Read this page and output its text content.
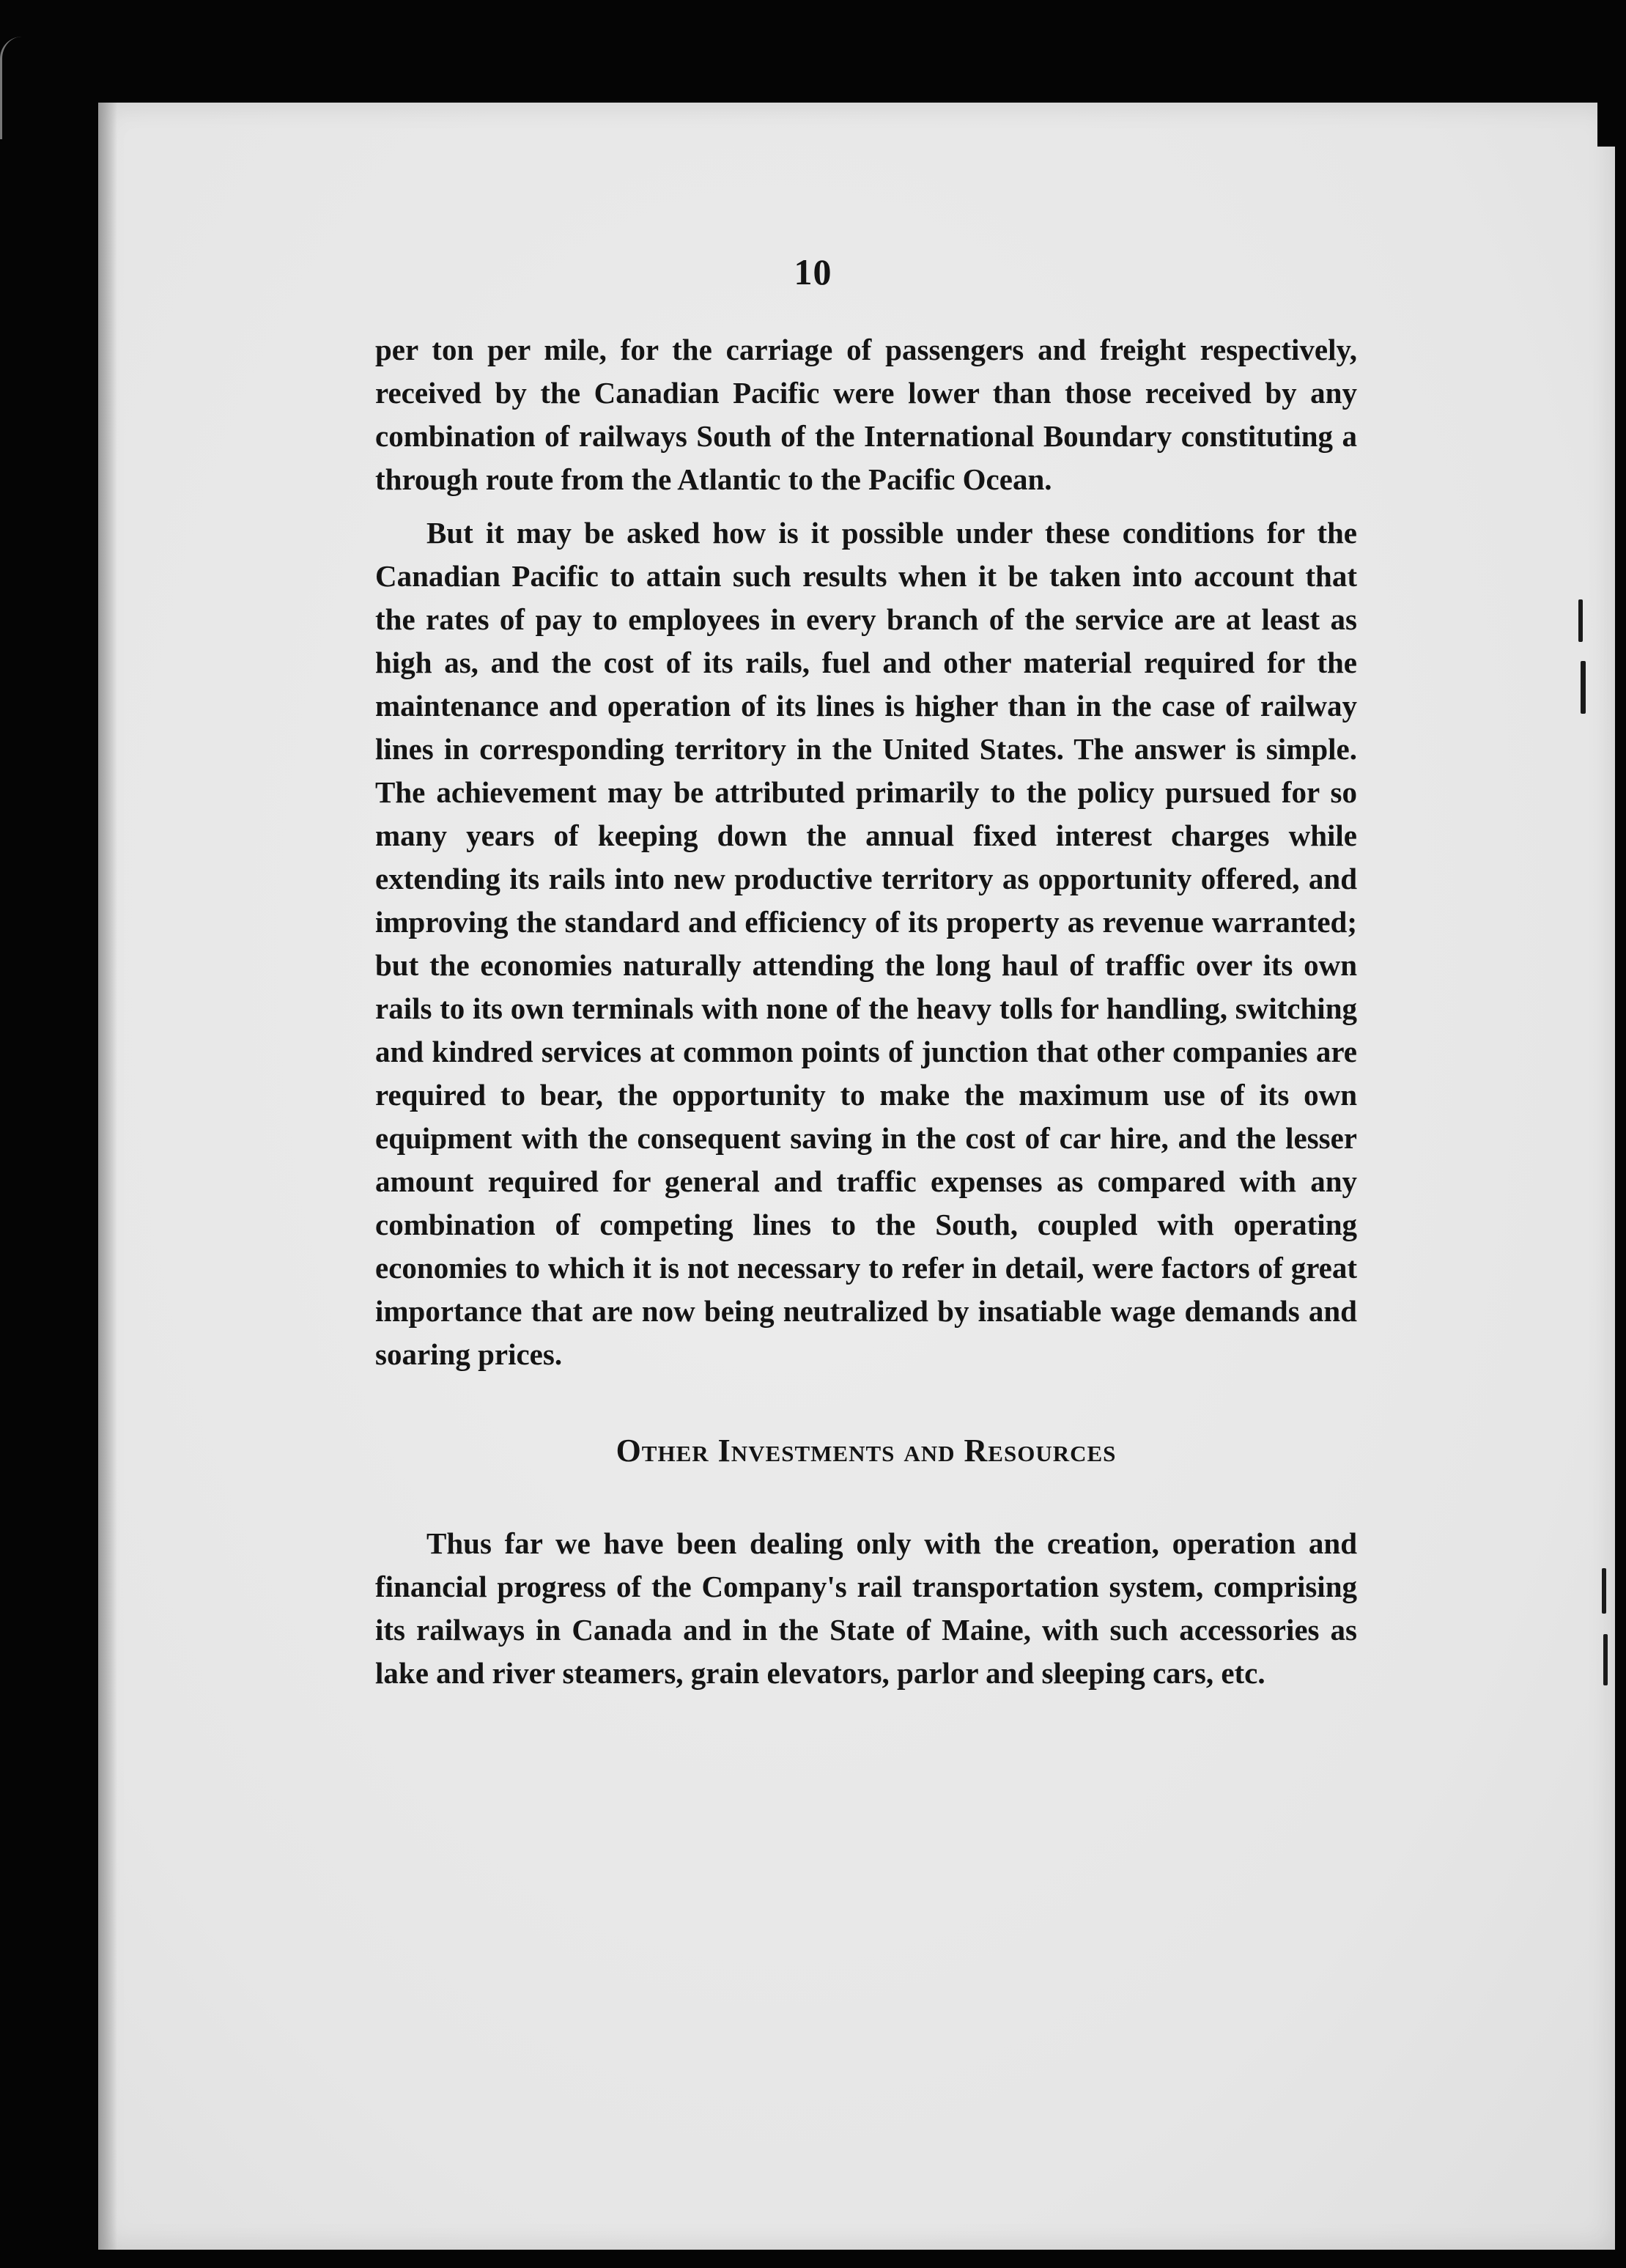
10

per ton per mile, for the carriage of passengers and freight respectively, received by the Canadian Pacific were lower than those received by any combination of railways South of the International Boundary constituting a through route from the Atlantic to the Pacific Ocean.

But it may be asked how is it possible under these conditions for the Canadian Pacific to attain such results when it be taken into account that the rates of pay to employees in every branch of the service are at least as high as, and the cost of its rails, fuel and other material required for the maintenance and operation of its lines is higher than in the case of railway lines in corresponding territory in the United States. The answer is simple. The achievement may be attributed primarily to the policy pursued for so many years of keeping down the annual fixed interest charges while extending its rails into new productive territory as opportunity offered, and improving the standard and efficiency of its property as revenue warranted; but the economies naturally attending the long haul of traffic over its own rails to its own terminals with none of the heavy tolls for handling, switching and kindred services at common points of junction that other companies are required to bear, the opportunity to make the maximum use of its own equipment with the consequent saving in the cost of car hire, and the lesser amount required for general and traffic expenses as compared with any combination of competing lines to the South, coupled with operating economies to which it is not necessary to refer in detail, were factors of great importance that are now being neutralized by insatiable wage demands and soaring prices.

Other Investments and Resources

Thus far we have been dealing only with the creation, operation and financial progress of the Company's rail transportation system, comprising its railways in Canada and in the State of Maine, with such accessories as lake and river steamers, grain elevators, parlor and sleeping cars, etc.
